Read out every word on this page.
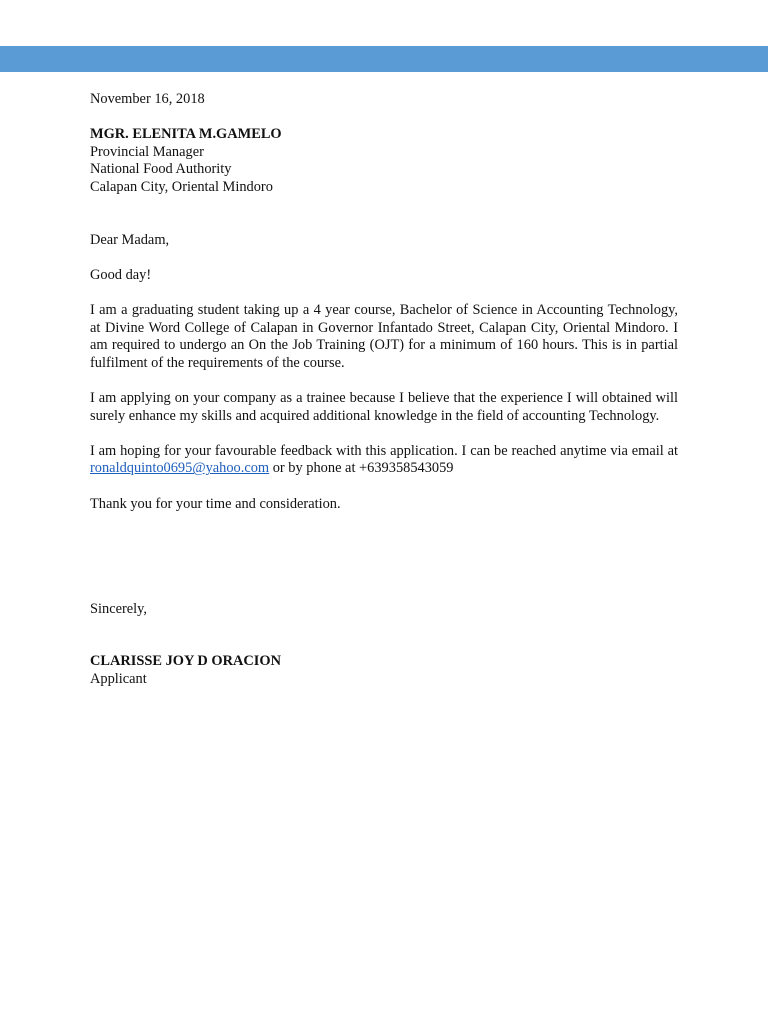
November 16, 2018

MGR. ELENITA M.GAMELO

Provincial Manager

National Food Authority

Calapan City, Oriental Mindoro

Dear Madam,

Good day!

I am a graduating student taking up a 4 year course, Bachelor of Science in Accounting Technology, at Divine Word College of Calapan in Governor Infantado Street, Calapan City, Oriental Mindoro. I am required to undergo an On the Job Training (OJT) for a minimum of 160 hours. This is in partial fulfilment of the requirements of the course.

I am applying on your company as a trainee because I believe that the experience I will obtained will surely enhance my skills and acquired additional knowledge in the field of accounting Technology.

I am hoping for your favourable feedback with this application. I can be reached anytime via email at ronaldquinto0695@yahoo.com or by phone at +639358543059

Thank you for your time and consideration.

Sincerely,

CLARISSE JOY D ORACION

Applicant
